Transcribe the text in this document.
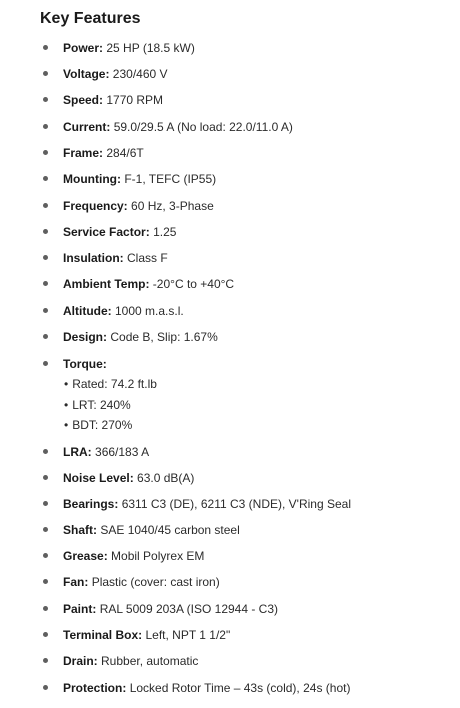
Key Features
Power: 25 HP (18.5 kW)
Voltage: 230/460 V
Speed: 1770 RPM
Current: 59.0/29.5 A (No load: 22.0/11.0 A)
Frame: 284/6T
Mounting: F-1, TEFC (IP55)
Frequency: 60 Hz, 3-Phase
Service Factor: 1.25
Insulation: Class F
Ambient Temp: -20°C to +40°C
Altitude: 1000 m.a.s.l.
Design: Code B, Slip: 1.67%
Torque:
• Rated: 74.2 ft.lb
• LRT: 240%
• BDT: 270%
LRA: 366/183 A
Noise Level: 63.0 dB(A)
Bearings: 6311 C3 (DE), 6211 C3 (NDE), V'Ring Seal
Shaft: SAE 1040/45 carbon steel
Grease: Mobil Polyrex EM
Fan: Plastic (cover: cast iron)
Paint: RAL 5009 203A (ISO 12944 - C3)
Terminal Box: Left, NPT 1 1/2"
Drain: Rubber, automatic
Protection: Locked Rotor Time – 43s (cold), 24s (hot)
